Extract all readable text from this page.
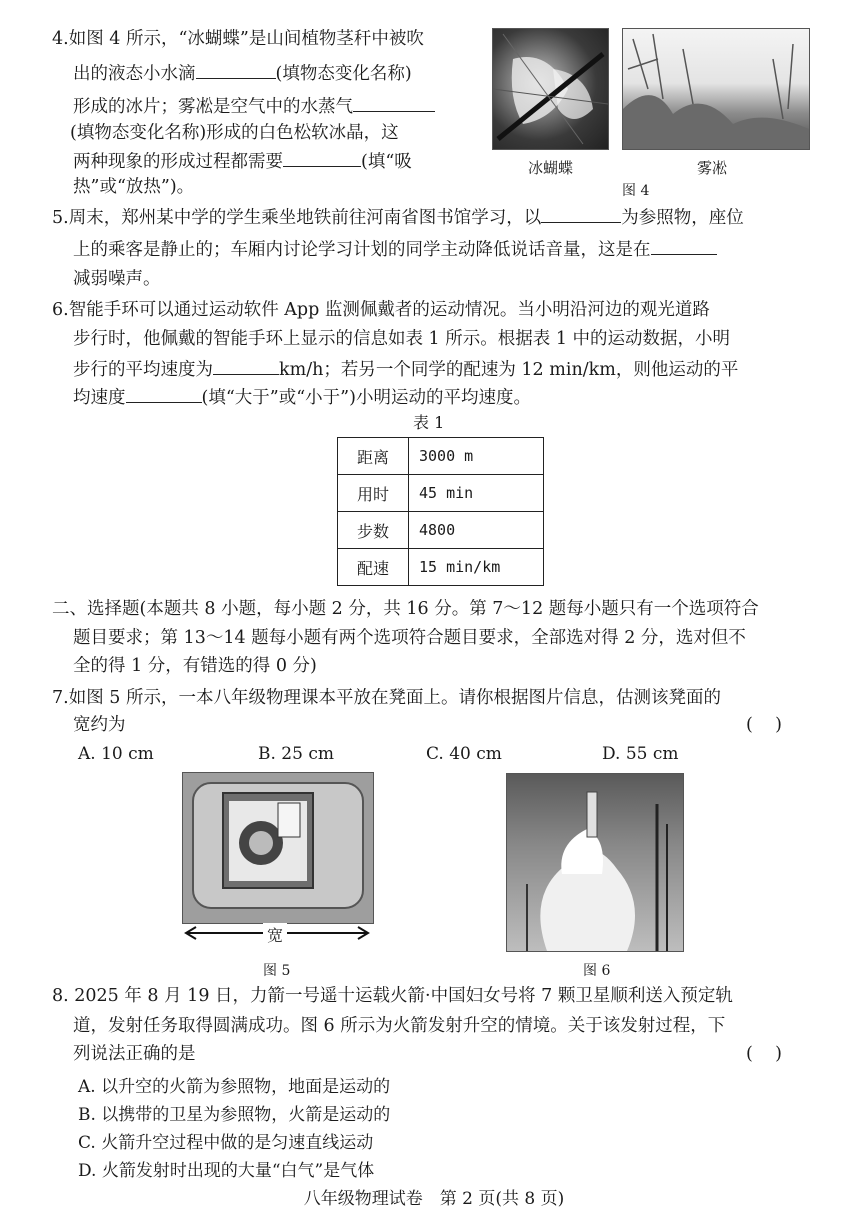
4.如图 4 所示，“冰蝴蝶”是山间植物茎秆中被吹
出的液态小水滴	(填物态变化名称)
形成的冰片；雾凇是空气中的水蒸气
(填物态变化名称)形成的白色松软冰晶，这
两种现象的形成过程都需要	(填“吸
热”或“放热”)。
冰蝴蝶	雾凇
图 4
5.周末，郑州某中学的学生乘坐地铁前往河南省图书馆学习，以	为参照物，座位
上的乘客是静止的；车厢内讨论学习计划的同学主动降低说话音量，这是在
减弱噪声。
6.智能手环可以通过运动软件 App 监测佩戴者的运动情况。当小明沿河边的观光道路
步行时，他佩戴的智能手环上显示的信息如表 1 所示。根据表 1 中的运动数据，小明
步行的平均速度为	km/h；若另一个同学的配速为 12 min/km，则他运动的平
均速度	(填“大于”或“小于”)小明运动的平均速度。
表 1
距离	3000 m
用时	45 min
步数	4800
配速	15 min/km
二、选择题(本题共 8 小题，每小题 2 分，共 16 分。第 7～12 题每小题只有一个选项符合
题目要求；第 13～14 题每小题有两个选项符合题目要求，全部选对得 2 分，选对但不
全的得 1 分，有错选的得 0 分)
7.如图 5 所示，一本八年级物理课本平放在凳面上。请你根据图片信息，估测该凳面的
宽约为	(    )
A. 10 cm	B. 25 cm	C. 40 cm	D. 55 cm
宽
图 5	图 6
8. 2025 年 8 月 19 日，力箭一号遥十运载火箭·中国妇女号将 7 颗卫星顺利送入预定轨
道，发射任务取得圆满成功。图 6 所示为火箭发射升空的情境。关于该发射过程，下
列说法正确的是	(    )
A. 以升空的火箭为参照物，地面是运动的
B. 以携带的卫星为参照物，火箭是运动的
C. 火箭升空过程中做的是匀速直线运动
D. 火箭发射时出现的大量“白气”是气体
八年级物理试卷　第 2 页(共 8 页)
